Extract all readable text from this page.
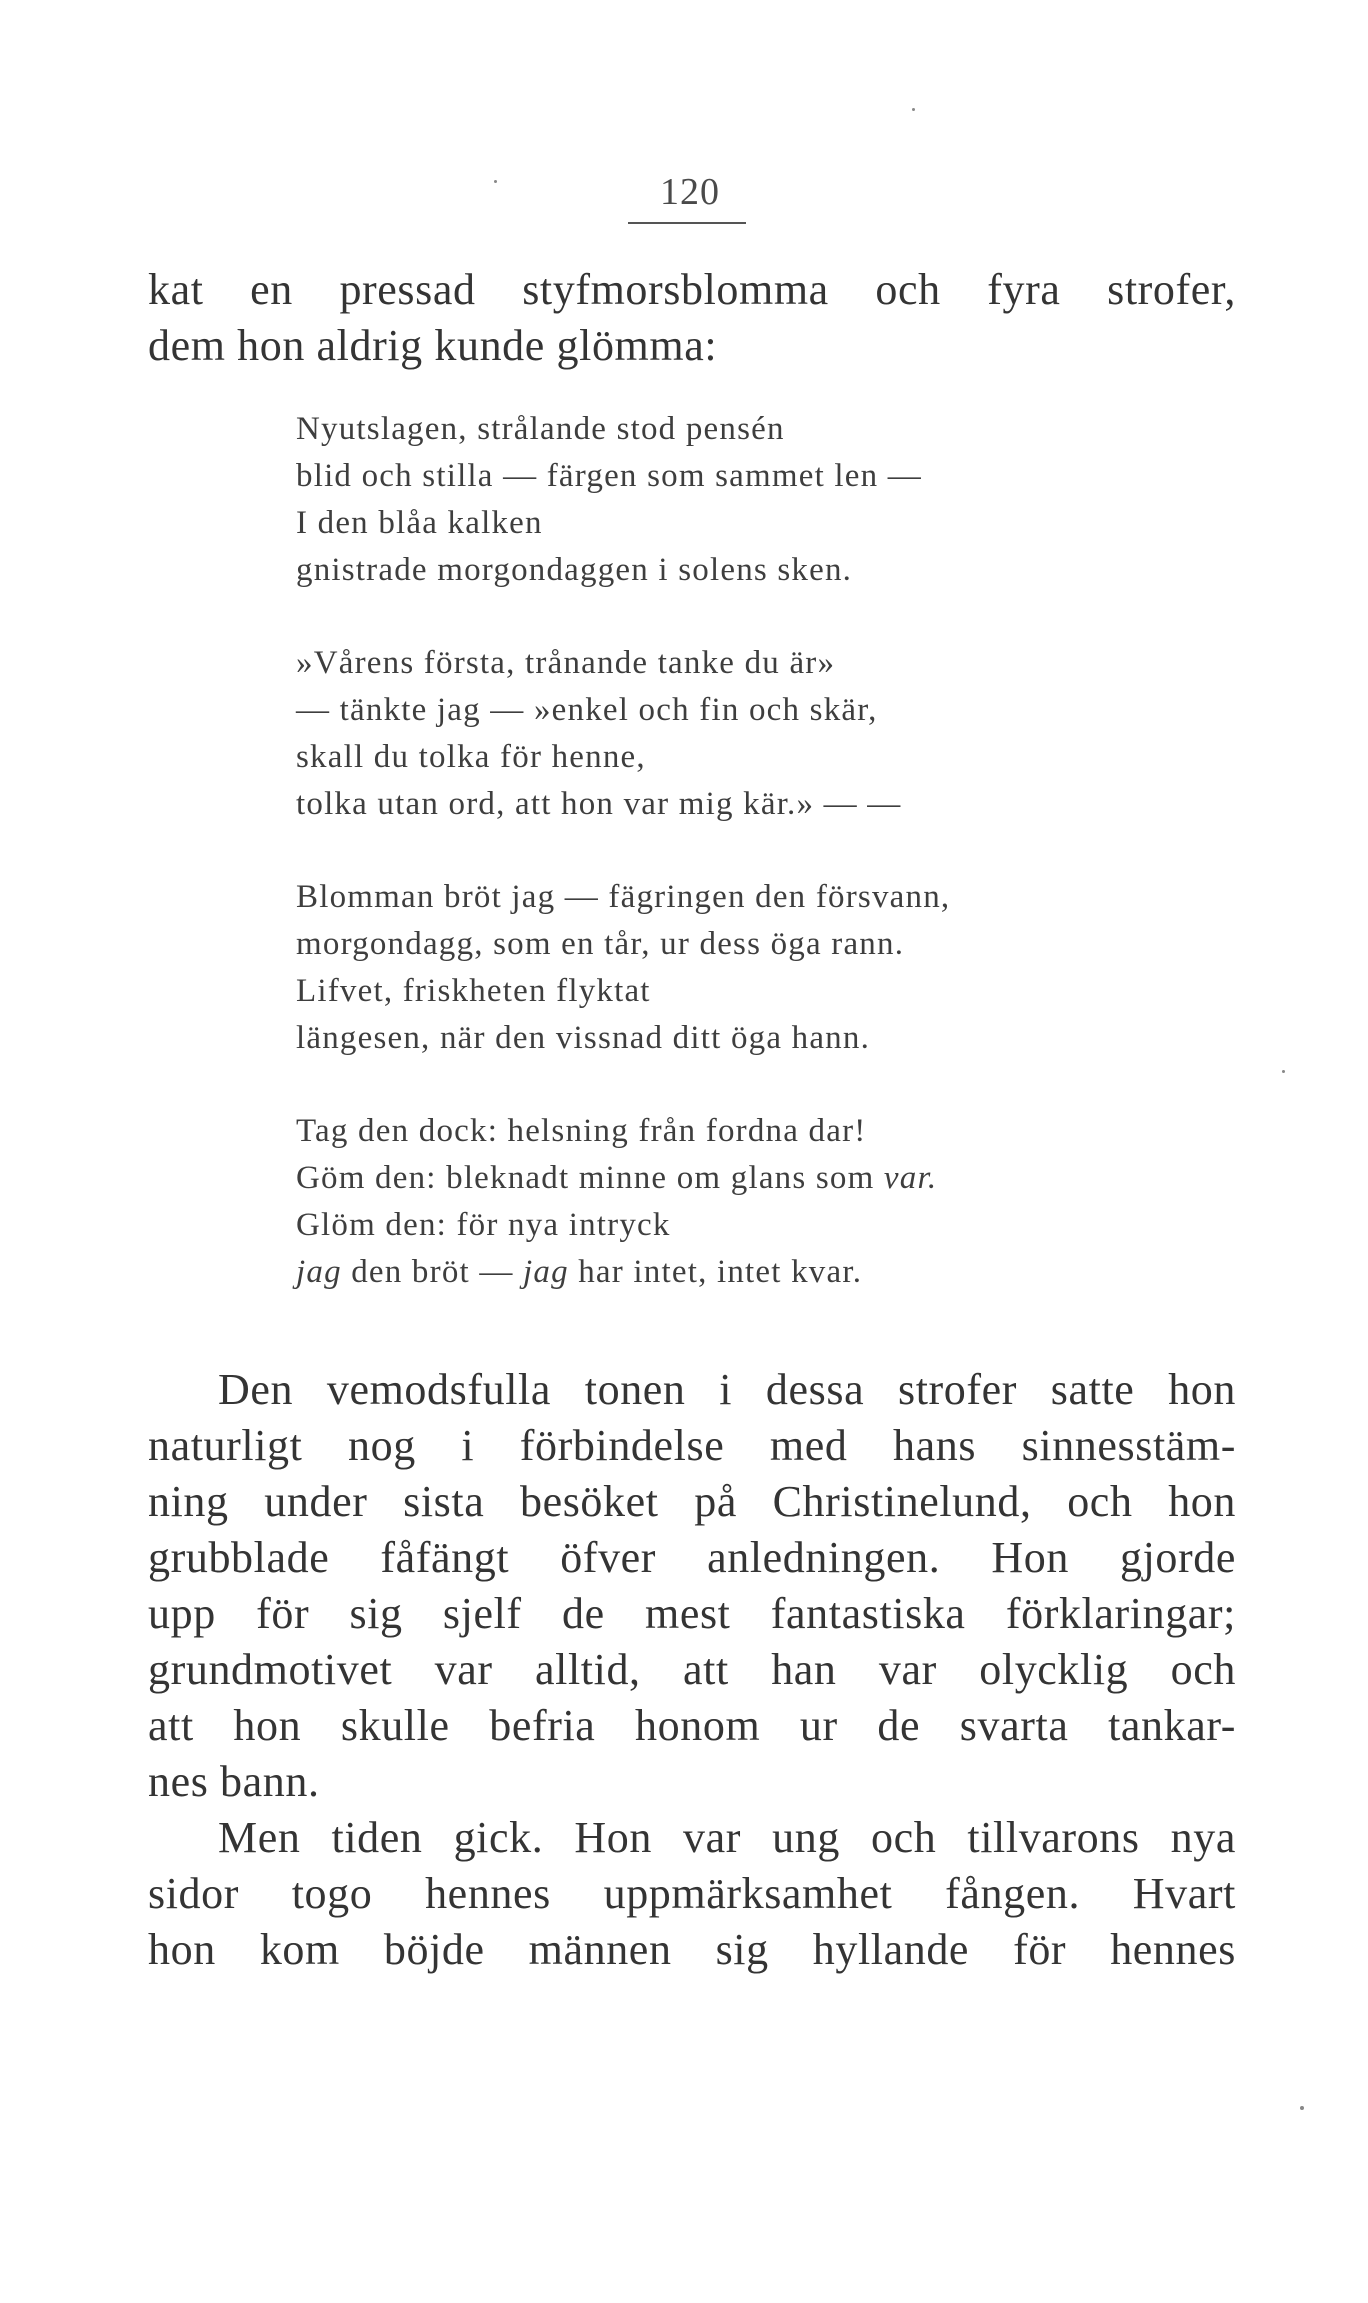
120
kat en pressad styfmorsblomma och fyra strofer,
dem hon aldrig kunde glömma:
Nyutslagen, strålande stod pensén
blid och stilla — färgen som sammet len —
I den blåa kalken
gnistrade morgondaggen i solens sken.
»Vårens första, trånande tanke du är»
— tänkte jag — »enkel och fin och skär,
skall du tolka för henne,
tolka utan ord, att hon var mig kär.» — —
Blomman bröt jag — fägringen den försvann,
morgondagg, som en tår, ur dess öga rann.
Lifvet, friskheten flyktat
längesen, när den vissnad ditt öga hann.
Tag den dock: helsning från fordna dar!
Göm den: bleknadt minne om glans som var.
Glöm den: för nya intryck
jag den bröt — jag har intet, intet kvar.
Den vemodsfulla tonen i dessa strofer satte hon
naturligt nog i förbindelse med hans sinnesstäm-
ning under sista besöket på Christinelund, och hon
grubblade fåfängt öfver anledningen. Hon gjorde
upp för sig sjelf de mest fantastiska förklaringar;
grundmotivet var alltid, att han var olycklig och
att hon skulle befria honom ur de svarta tankar-
nes bann.
Men tiden gick. Hon var ung och tillvarons nya
sidor togo hennes uppmärksamhet fången. Hvart
hon kom böjde männen sig hyllande för hennes
